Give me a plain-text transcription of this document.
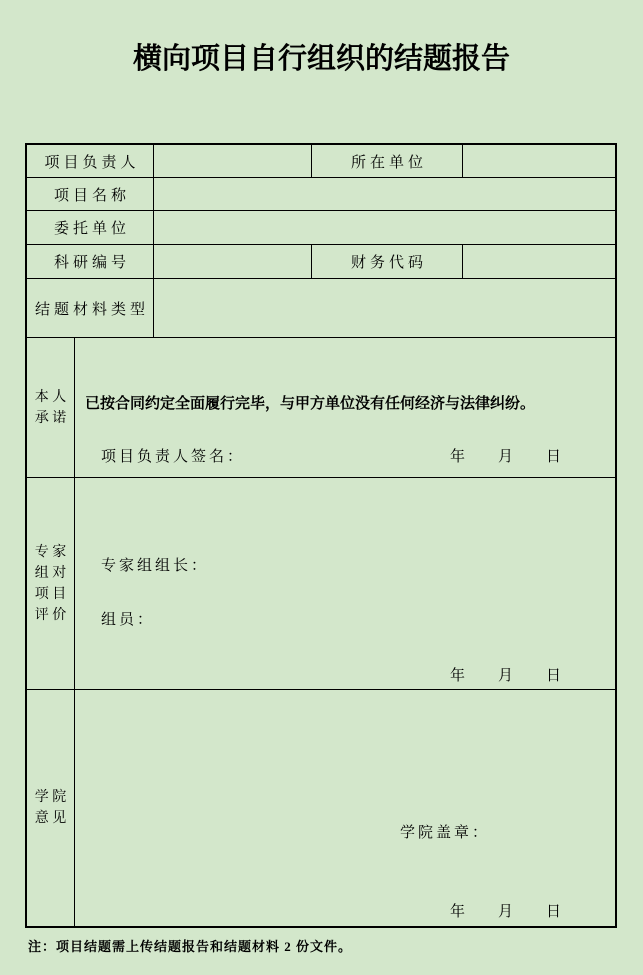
横向项目自行组织的结题报告
项目负责人	所在单位
项目名称
委托单位
科研编号	财务代码
结题材料类型
本 人
承 诺
已按合同约定全面履行完毕，与甲方单位没有任何经济与法律纠纷。
项目负责人签名：	年 月 日
专 家
组 对
项 目
评 价
专家组组长：
组员：
年 月 日
学 院
意 见
学院盖章：
年 月 日
注：项目结题需上传结题报告和结题材料 2 份文件。
